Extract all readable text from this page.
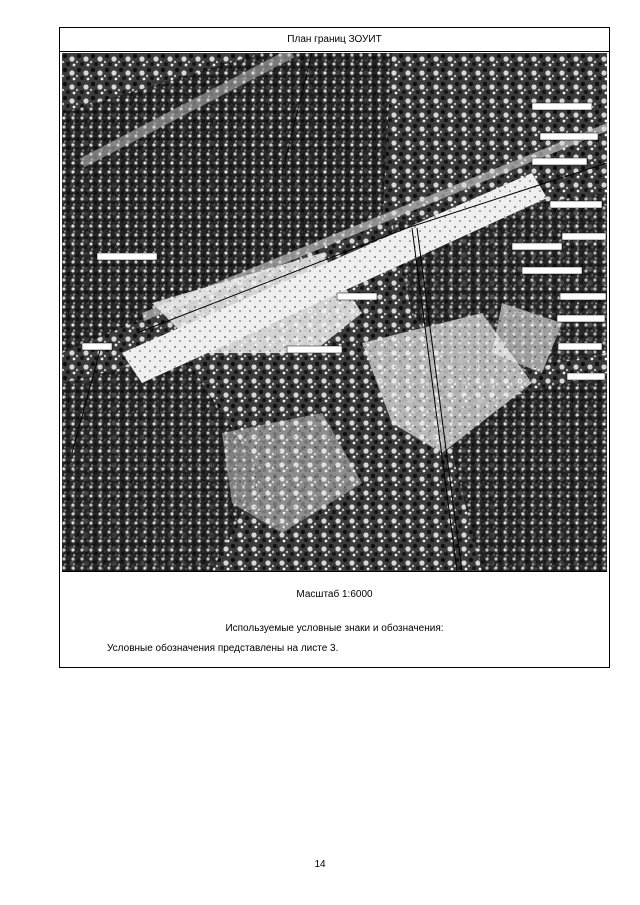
План границ ЗОУИТ
Масштаб 1:6000
Используемые условные знаки и обозначения:
Условные обозначения представлены на листе 3.
14
